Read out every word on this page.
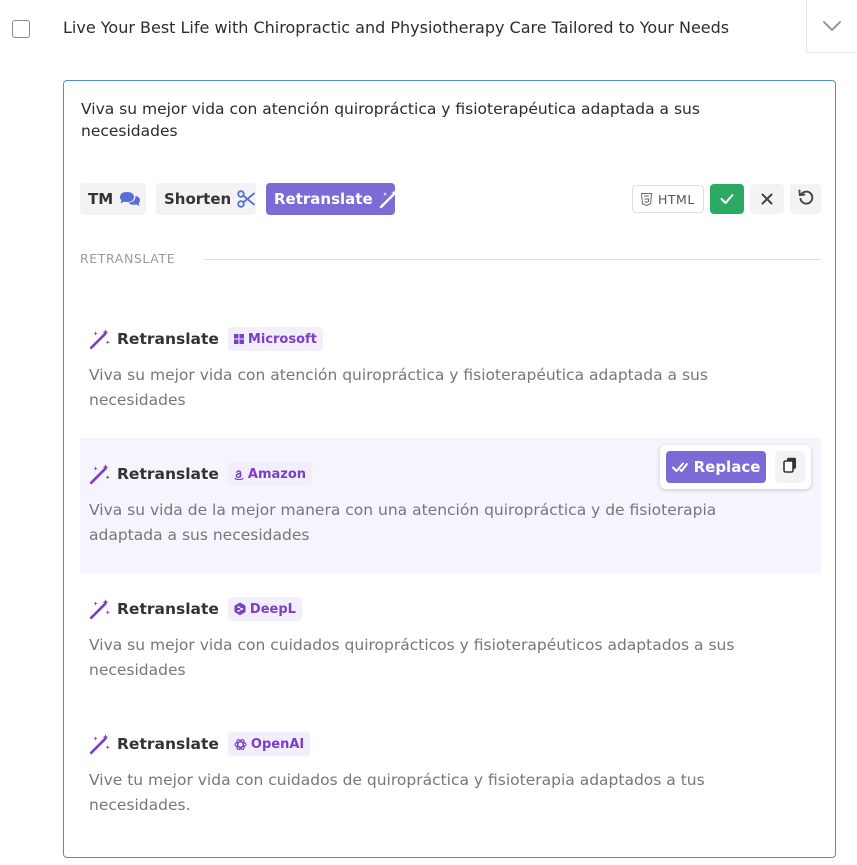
Live Your Best Life with Chiropractic and Physiotherapy Care Tailored to Your Needs
Viva su mejor vida con atención quiropráctica y fisioterapéutica adaptada a sus necesidades
TM	Shorten	Retranslate	HTML
RETRANSLATE
Retranslate Microsoft
Viva su mejor vida con atención quiropráctica y fisioterapéutica adaptada a sus necesidades
Retranslate Amazon
Viva su vida de la mejor manera con una atención quiropráctica y de fisioterapia adaptada a sus necesidades
Replace
Retranslate DeepL
Viva su mejor vida con cuidados quiroprácticos y fisioterapéuticos adaptados a sus necesidades
Retranslate OpenAI
Vive tu mejor vida con cuidados de quiropráctica y fisioterapia adaptados a tus necesidades.
